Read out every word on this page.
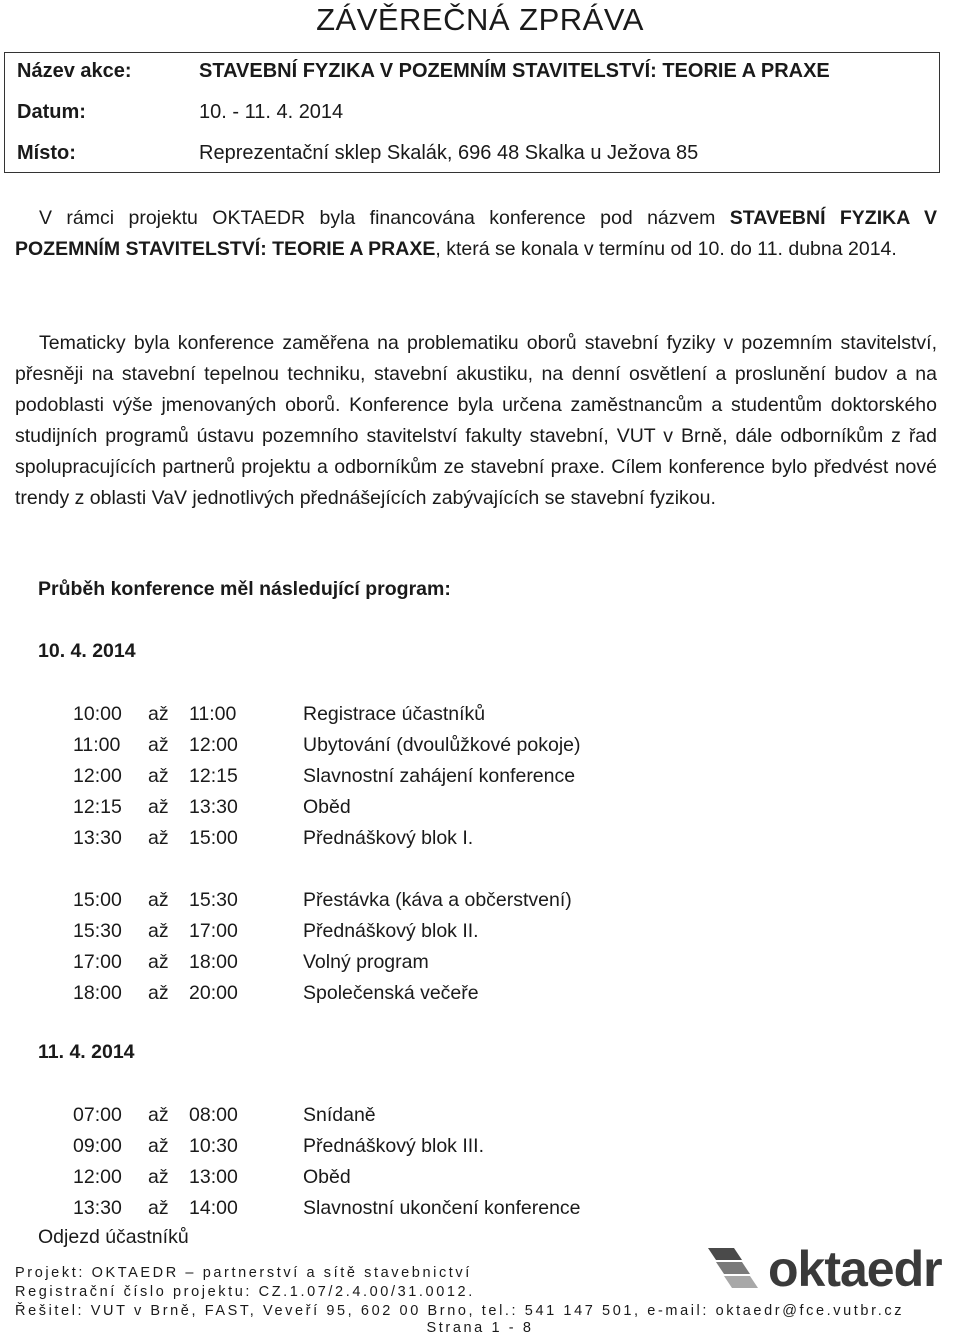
ZÁVĚREČNÁ ZPRÁVA
Název akce:	STAVEBNÍ FYZIKA V POZEMNÍM STAVITELSTVÍ: TEORIE A PRAXE
Datum:	10. - 11. 4. 2014
Místo:	Reprezentační sklep Skalák, 696 48 Skalka u Ježova 85

V rámci projektu OKTAEDR byla financována konference pod názvem STAVEBNÍ FYZIKA V POZEMNÍM STAVITELSTVÍ: TEORIE A PRAXE, která se konala v termínu od 10. do 11. dubna 2014.

Tematicky byla konference zaměřena na problematiku oborů stavební fyziky v pozemním stavitelství, přesněji na stavební tepelnou techniku, stavební akustiku, na denní osvětlení a proslunění budov a na podoblasti výše jmenovaných oborů. Konference byla určena zaměstnancům a studentům doktorského studijních programů ústavu pozemního stavitelství fakulty stavební, VUT v Brně, dále odborníkům z řad spolupracujících partnerů projektu a odborníkům ze stavební praxe. Cílem konference bylo předvést nové trendy z oblasti VaV jednotlivých přednášejících zabývajících se stavební fyzikou.

Průběh konference měl následující program:
10. 4. 2014
10:00 až 11:00	Registrace účastníků
11:00 až 12:00	Ubytování (dvoulůžkové pokoje)
12:00 až 12:15	Slavnostní zahájení konference
12:15 až 13:30	Oběd
13:30 až 15:00	Přednáškový blok I.
15:00 až 15:30	Přestávka (káva a občerstvení)
15:30 až 17:00	Přednáškový blok II.
17:00 až 18:00	Volný program
18:00 až 20:00	Společenská večeře
11. 4. 2014
07:00 až 08:00	Snídaně
09:00 až 10:30	Přednáškový blok III.
12:00 až 13:00	Oběd
13:30 až 14:00	Slavnostní ukončení konference
Odjezd účastníků
oktaedr
Projekt: OKTAEDR – partnerství a sítě stavebnictví
Registrační číslo projektu: CZ.1.07/2.4.00/31.0012.
Řešitel: VUT v Brně, FAST, Veveří 95, 602 00 Brno, tel.: 541 147 501, e-mail: oktaedr@fce.vutbr.cz
Strana 1 - 8
